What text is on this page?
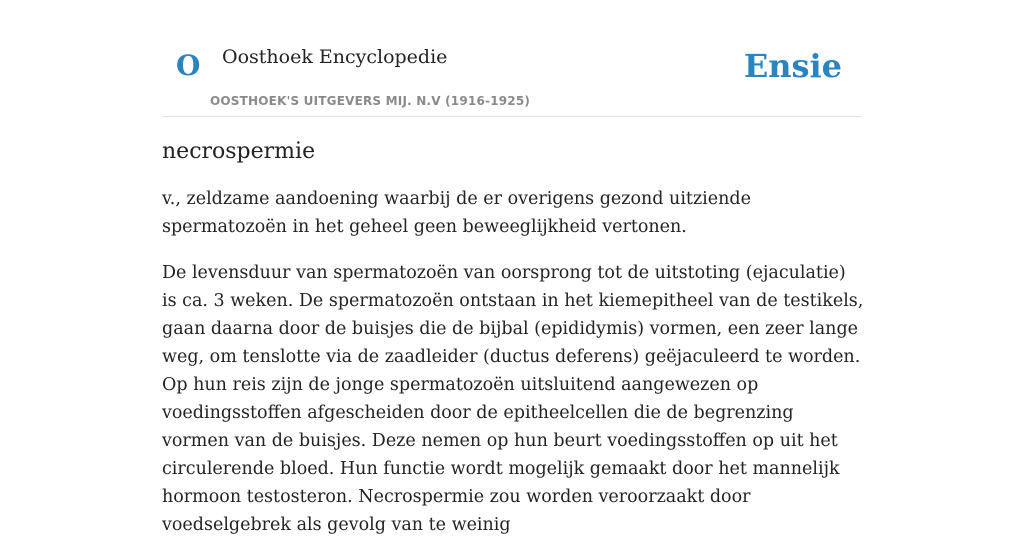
O Oosthoek Encyclopedie
OOSTHOEK'S UITGEVERS MIJ. N.V (1916-1925)
Ensie
necrospermie

v., zeldzame aandoening waarbij de er overigens gezond uitziende spermatozoën in het geheel geen beweeglijkheid vertonen.

De levensduur van spermatozoën van oorsprong tot de uitstoting (ejaculatie) is ca. 3 weken. De spermatozoën ontstaan in het kiemepitheel van de testikels, gaan daarna door de buisjes die de bijbal (epididymis) vormen, een zeer lange weg, om tenslotte via de zaadleider (ductus deferens) geëjaculeerd te worden. Op hun reis zijn de jonge spermatozoën uitsluitend aangewezen op voedingsstoffen afgescheiden door de epitheelcellen die de begrenzing vormen van de buisjes. Deze nemen op hun beurt voedingsstoffen op uit het circulerende bloed. Hun functie wordt mogelijk gemaakt door het mannelijk hormoon testosteron. Necrospermie zou worden veroorzaakt door voedselgebrek als gevolg van te weinig
